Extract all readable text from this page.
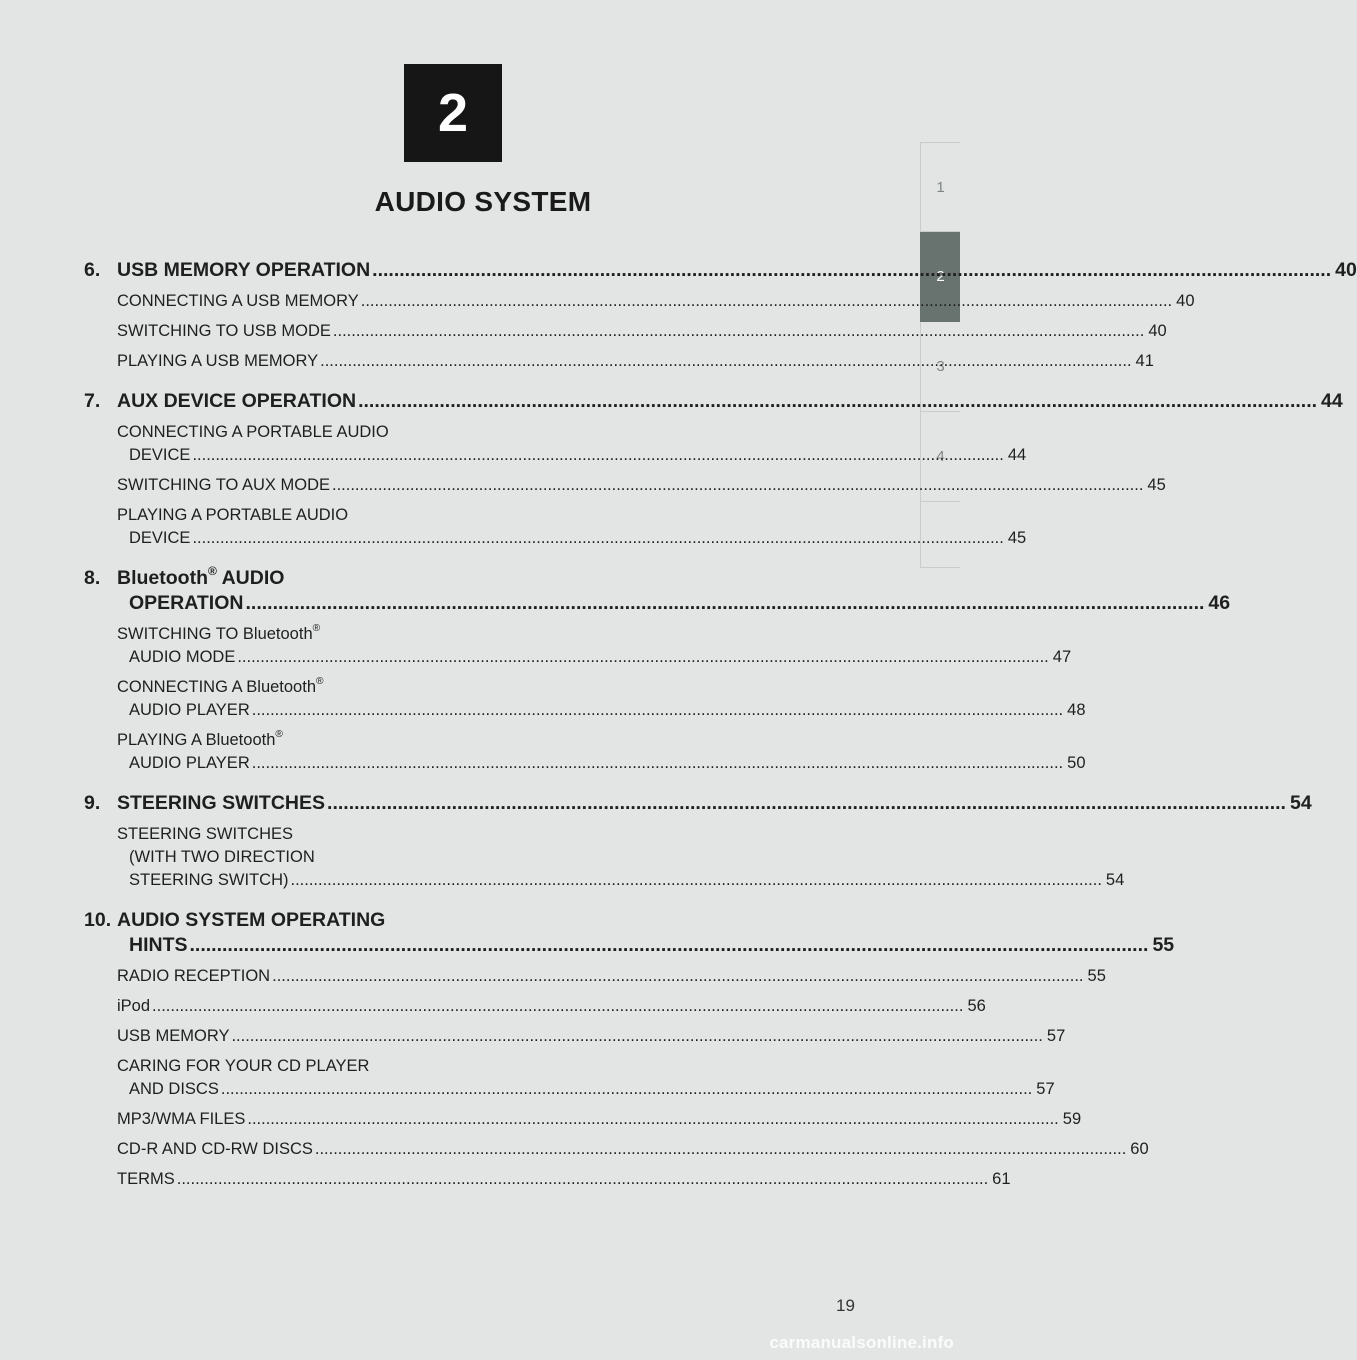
2
AUDIO SYSTEM	1
2
3
4
6. USB MEMORY OPERATION .....	40
CONNECTING A USB MEMORY .....	40
SWITCHING TO USB MODE .....	40
PLAYING A USB MEMORY .....	41
7. AUX DEVICE OPERATION .....	44
CONNECTING A PORTABLE AUDIO
DEVICE .....	44
SWITCHING TO AUX MODE .....	45
PLAYING A PORTABLE AUDIO
DEVICE .....	45
8. Bluetooth® AUDIO
OPERATION .....	46
SWITCHING TO Bluetooth®
AUDIO MODE .....	47
CONNECTING A Bluetooth®
AUDIO PLAYER .....	48
PLAYING A Bluetooth®
AUDIO PLAYER .....	50
9. STEERING SWITCHES .....	54
STEERING SWITCHES
(WITH TWO DIRECTION
STEERING SWITCH) .....	54
10. AUDIO SYSTEM OPERATING
HINTS .....	55
RADIO RECEPTION .....	55
iPod .....	56
USB MEMORY .....	57
CARING FOR YOUR CD PLAYER
AND DISCS .....	57
MP3/WMA FILES .....	59
CD-R AND CD-RW DISCS .....	60
TERMS .....	61
19
carmanualsonline.info
